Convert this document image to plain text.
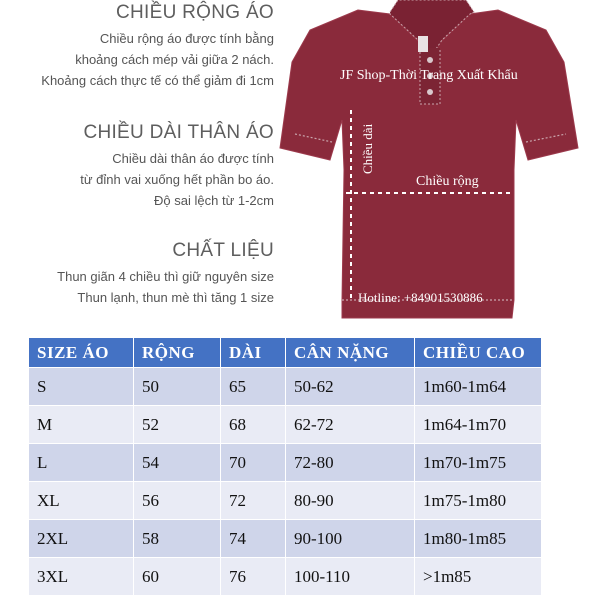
CHIỀU RỘNG ÁO

Chiều rộng áo được tính bằng

khoảng cách mép vải giữa 2 nách.

Khoảng cách thực tế có thể giảm đi 1cm

CHIỀU DÀI THÂN ÁO

Chiều dài thân áo được tính

từ đỉnh vai xuống hết phần bo áo.

Độ sai lệch từ 1-2cm

CHẤT LIỆU

Thun giãn 4 chiều thì giữ nguyên size

Thun lạnh, thun mè thì tăng 1 size

JF Shop-Thời Trang Xuất Khẩu
Chiều dài
Chiều rộng
Hotline: +84901530886
SIZE ÁO	RỘNG	DÀI	CÂN NẶNG	CHIỀU CAO
S	50	65	50-62	1m60-1m64
M	52	68	62-72	1m64-1m70
L	54	70	72-80	1m70-1m75
XL	56	72	80-90	1m75-1m80
2XL	58	74	90-100	1m80-1m85
3XL	60	76	100-110	>1m85
